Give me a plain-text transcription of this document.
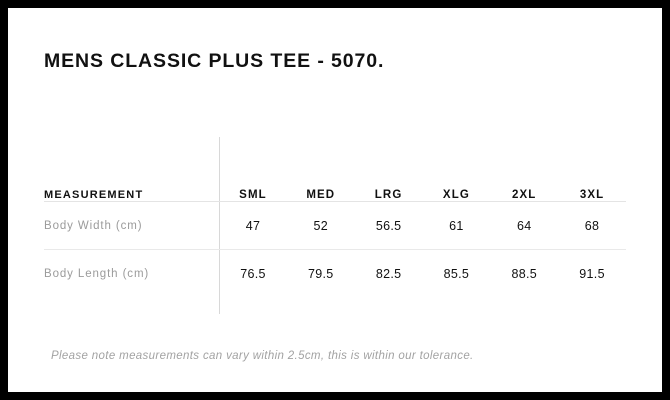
MENS CLASSIC PLUS TEE - 5070.
MEASUREMENT	SML	MED	LRG	XLG	2XL	3XL
Body Width (cm)	47	52	56.5	61	64	68
Body Length (cm)	76.5	79.5	82.5	85.5	88.5	91.5
Please note measurements can vary within 2.5cm, this is within our tolerance.
